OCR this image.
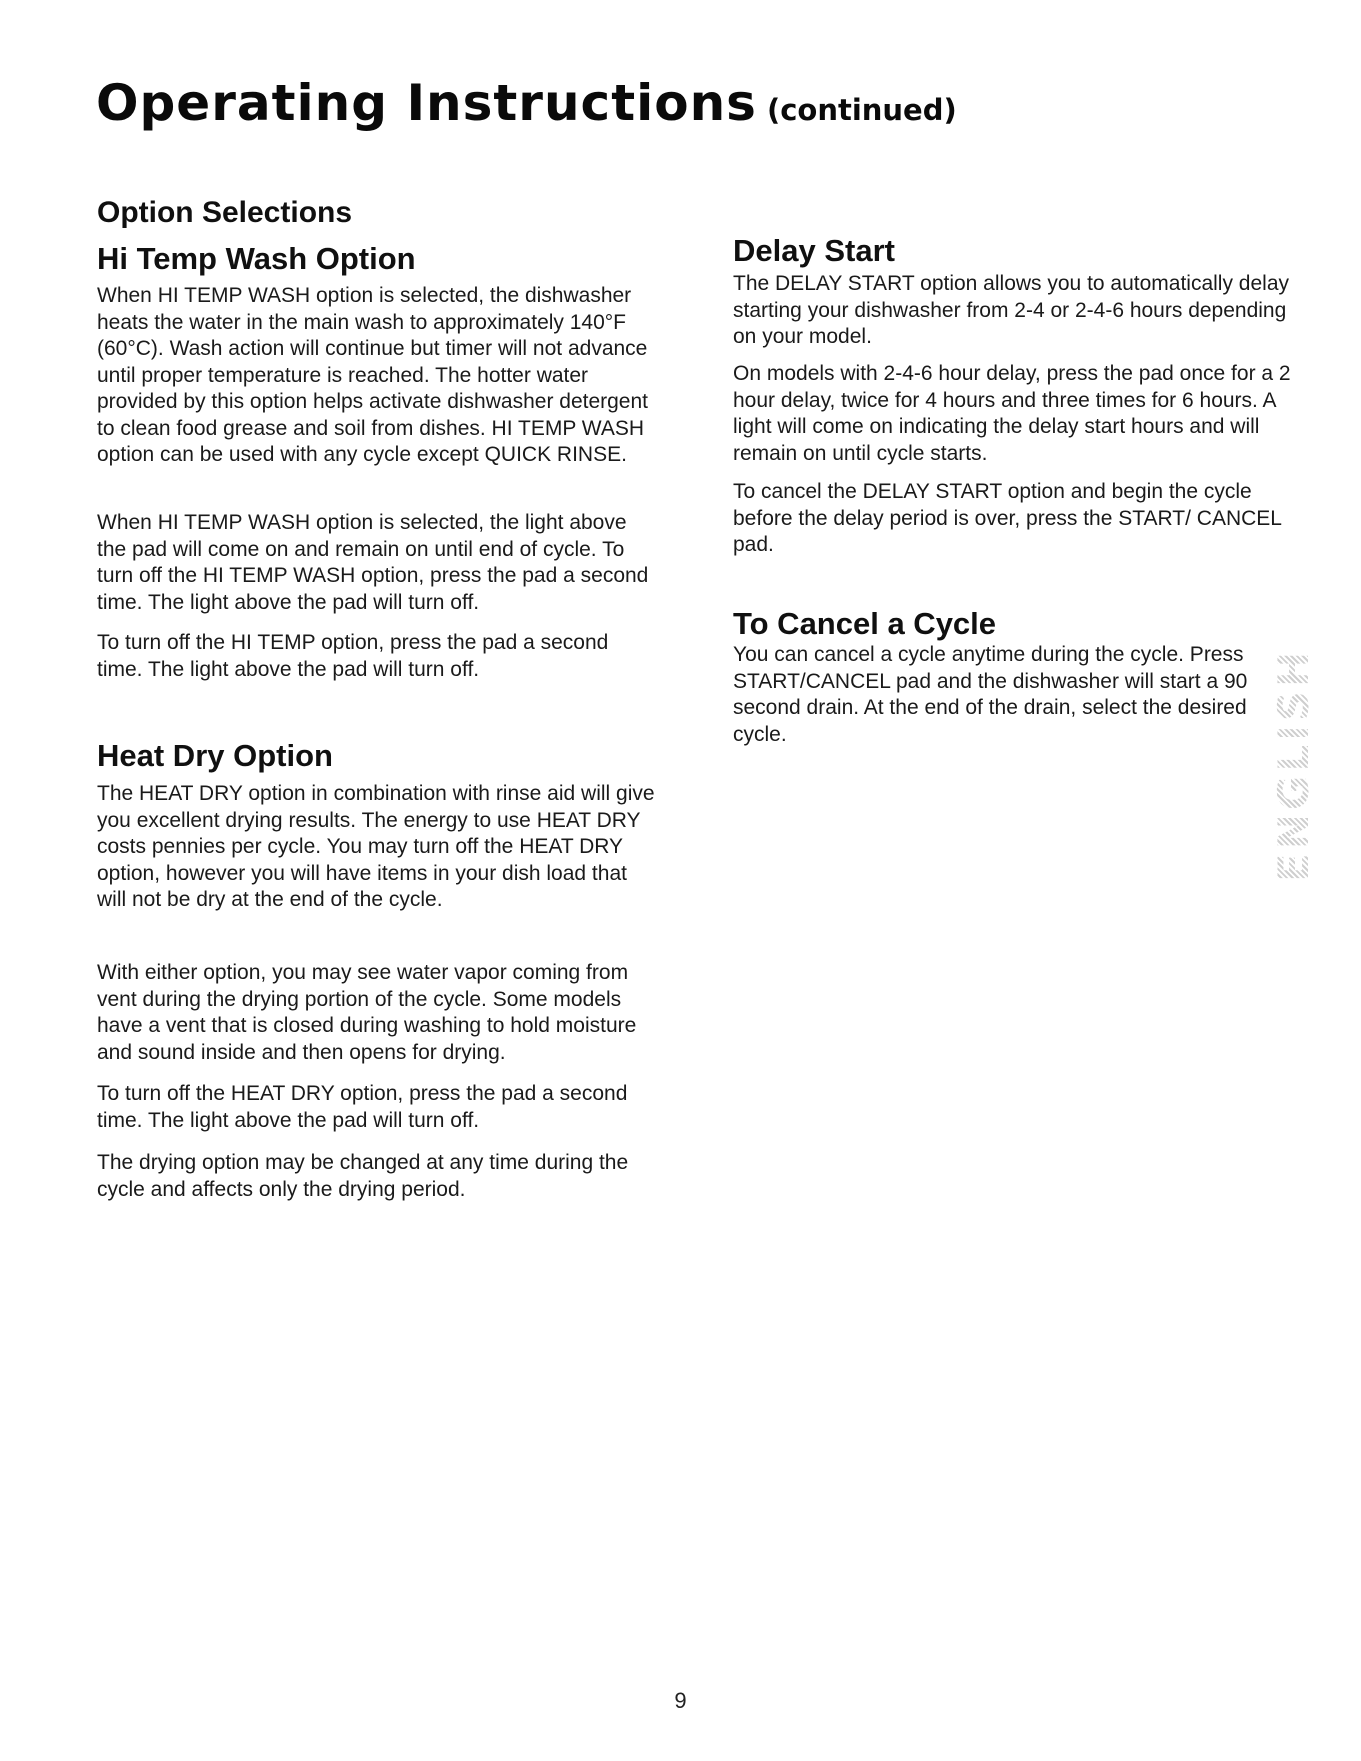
Operating Instructions (continued)
Option Selections
Hi Temp Wash Option

When HI TEMP WASH option is selected, the dishwasher heats the water in the main wash to approximately 140°F (60°C). Wash action will continue but timer will not advance until proper temperature is reached. The hotter water provided by this option helps activate dishwasher detergent to clean food grease and soil from dishes. HI TEMP WASH option can be used with any cycle except QUICK RINSE.

When HI TEMP WASH option is selected, the light above the pad will come on and remain on until end of cycle. To turn off the HI TEMP WASH option, press the pad a second time. The light above the pad will turn off.

To turn off the HI TEMP option, press the pad a second time. The light above the pad will turn off.

Heat Dry Option

The HEAT DRY option in combination with rinse aid will give you excellent drying results. The energy to use HEAT DRY costs pennies per cycle. You may turn off the HEAT DRY option, however you will have items in your dish load that will not be dry at the end of the cycle.

With either option, you may see water vapor coming from vent during the drying portion of the cycle. Some models have a vent that is closed during washing to hold moisture and sound inside and then opens for drying.

To turn off the HEAT DRY option, press the pad a second time. The light above the pad will turn off.

The drying option may be changed at any time during the cycle and affects only the drying period.

Delay Start

The DELAY START option allows you to automatically delay starting your dishwasher from 2-4 or 2-4-6 hours depending on your model.

On models with 2-4-6 hour delay, press the pad once for a 2 hour delay, twice for 4 hours and three times for 6 hours. A light will come on indicating the delay start hours and will remain on until cycle starts.

To cancel the DELAY START option and begin the cycle before the delay period is over, press the START/ CANCEL pad.

To Cancel a Cycle

You can cancel a cycle anytime during the cycle. Press START/CANCEL pad and the dishwasher will start a 90 second drain. At the end of the drain, select the desired cycle.	ENGLISH
9
